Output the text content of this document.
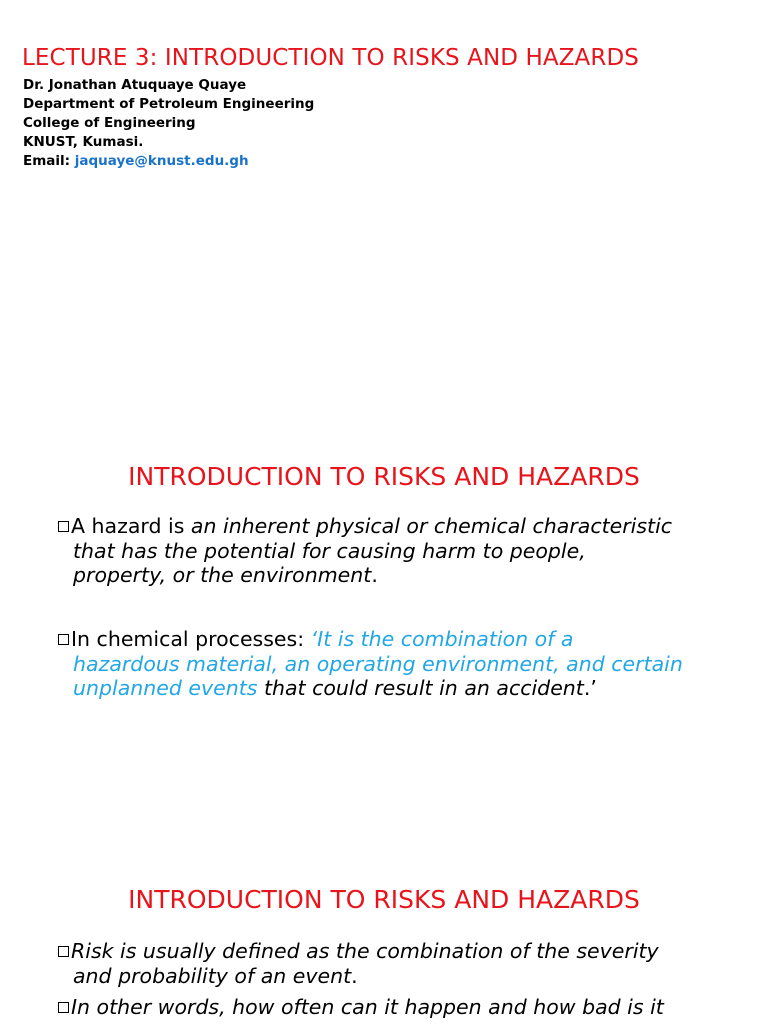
LECTURE 3: INTRODUCTION TO RISKS AND HAZARDS
Dr. Jonathan Atuquaye Quaye
Department of Petroleum Engineering
College of Engineering
KNUST, Kumasi.
Email: jaquaye@knust.edu.gh
INTRODUCTION TO RISKS AND HAZARDS

A hazard is an inherent physical or chemical characteristic
that has the potential for causing harm to people,
property, or the environment.

In chemical processes: ‘It is the combination of a
hazardous material, an operating environment, and certain
unplanned events that could result in an accident.’

INTRODUCTION TO RISKS AND HAZARDS

Risk is usually defined as the combination of the severity
and probability of an event.

In other words, how often can it happen and how bad is it
